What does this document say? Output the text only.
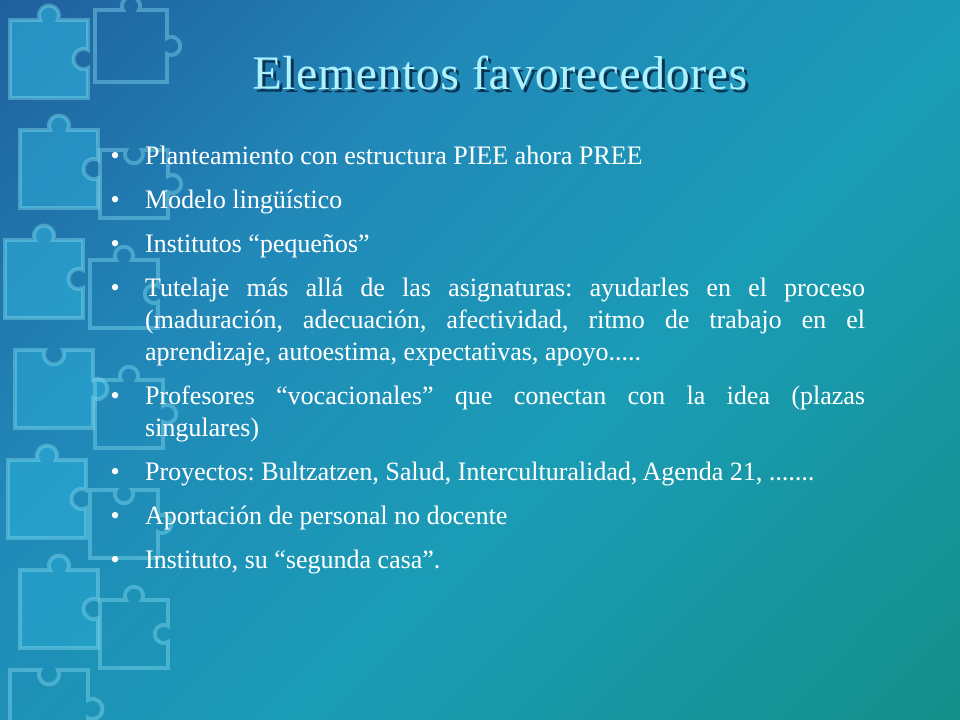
Elementos favorecedores
• Planteamiento con estructura PIEE ahora PREE
• Modelo lingüístico
• Institutos “pequeños”
• Tutelaje más allá de las asignaturas: ayudarles en el proceso (maduración, adecuación, afectividad, ritmo de trabajo en el aprendizaje, autoestima, expectativas, apoyo.....
• Profesores “vocacionales” que conectan con la idea (plazas singulares)
• Proyectos: Bultzatzen, Salud, Interculturalidad, Agenda 21, .......
• Aportación de personal no docente
• Instituto, su “segunda casa”.
